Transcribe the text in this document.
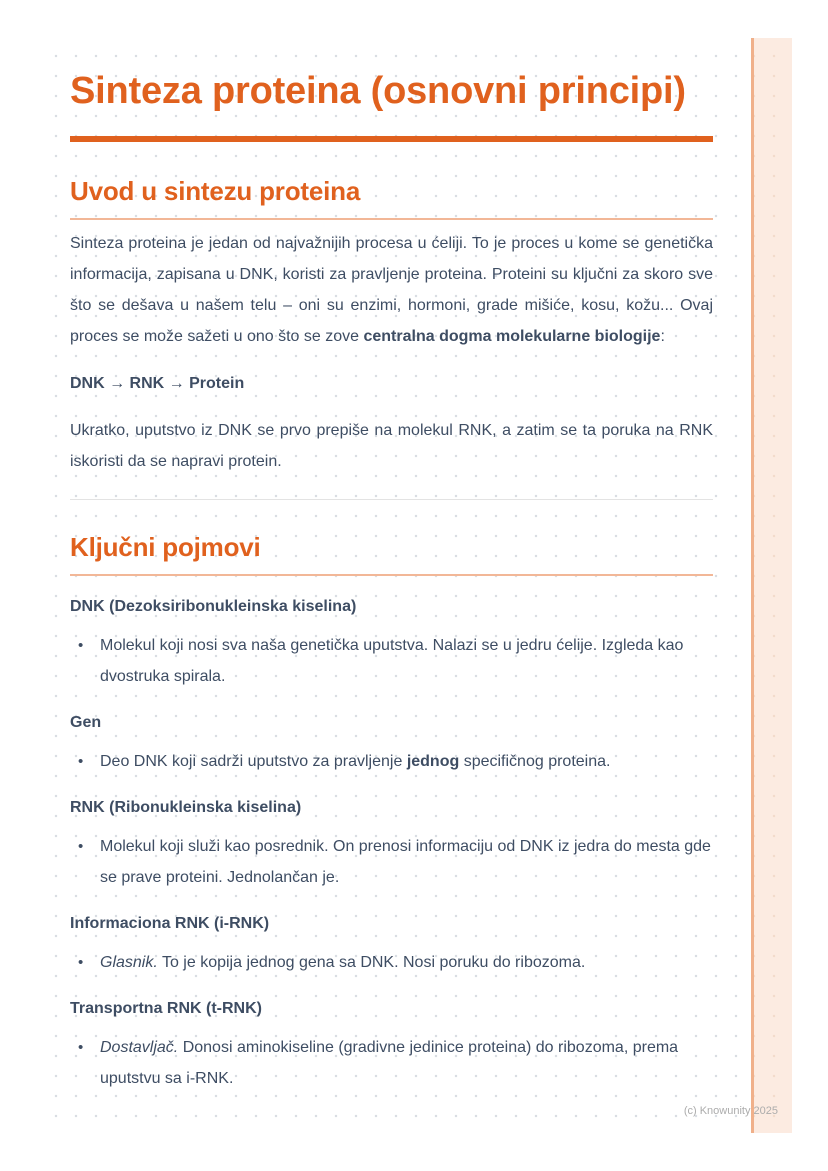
Sinteza proteina (osnovni principi)
Uvod u sintezu proteina

Sinteza proteina je jedan od najvažnijih procesa u ćeliji. To je proces u kome se genetička informacija, zapisana u DNK, koristi za pravljenje proteina. Proteini su ključni za skoro sve što se dešava u našem telu – oni su enzimi, hormoni, grade mišiće, kosu, kožu... Ovaj proces se može sažeti u ono što se zove centralna dogma molekularne biologije:

DNK → RNK → Protein

Ukratko, uputstvo iz DNK se prvo prepiše na molekul RNK, a zatim se ta poruka na RNK iskoristi da se napravi protein.

Ključni pojmovi
DNK (Dezoksiribonukleinska kiselina)
•	Molekul koji nosi sva naša genetička uputstva. Nalazi se u jedru ćelije. Izgleda kao dvostruka spirala.
Gen
•	Deo DNK koji sadrži uputstvo za pravljenje jednog specifičnog proteina.
RNK (Ribonukleinska kiselina)
•	Molekul koji služi kao posrednik. On prenosi informaciju od DNK iz jedra do mesta gde se prave proteini. Jednolančan je.
Informaciona RNK (i-RNK)
•	Glasnik. To je kopija jednog gena sa DNK. Nosi poruku do ribozoma.
Transportna RNK (t-RNK)
•	Dostavljač. Donosi aminokiseline (gradivne jedinice proteina) do ribozoma, prema uputstvu sa i-RNK.
(c) Knowunity 2025
